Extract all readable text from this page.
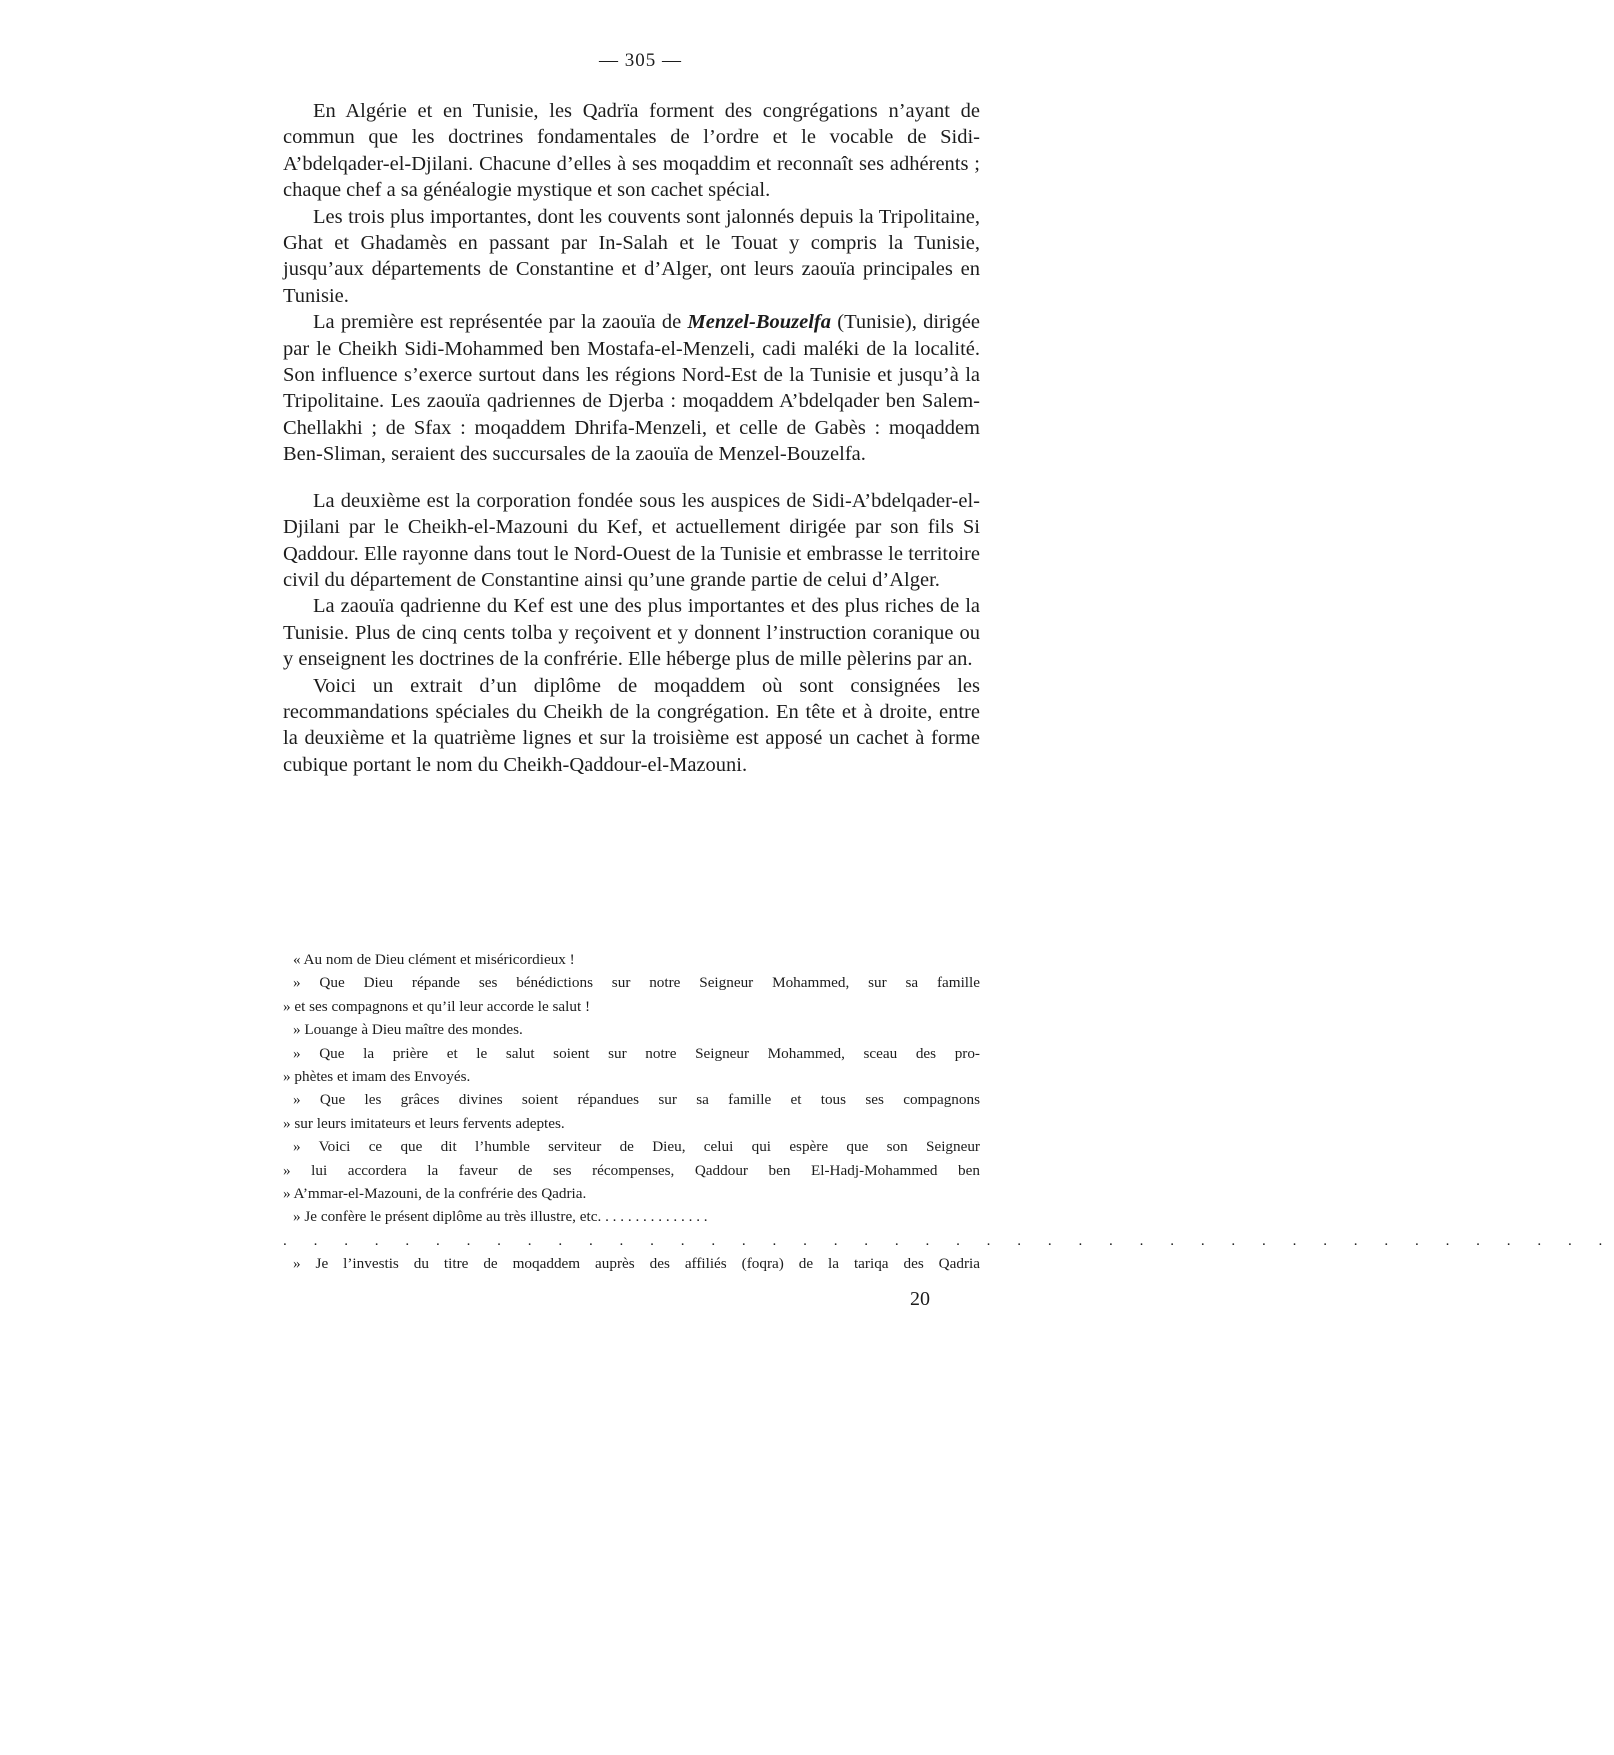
— 305 —

En Algérie et en Tunisie, les Qadrïa forment des congrégations n’ayant de commun que les doctrines fondamentales de l’ordre et le vocable de Sidi-A’bdelqader-el-Djilani. Chacune d’elles à ses moqaddim et reconnaît ses adhérents ; chaque chef a sa généalogie mystique et son cachet spécial.

Les trois plus importantes, dont les couvents sont jalonnés depuis la Tripolitaine, Ghat et Ghadamès en passant par In-Salah et le Touat y compris la Tunisie, jusqu’aux départements de Constantine et d’Alger, ont leurs zaouïa principales en Tunisie.

La première est représentée par la zaouïa de Menzel-Bouzelfa (Tunisie), dirigée par le Cheikh Sidi-Mohammed ben Mostafa-el-Menzeli, cadi maléki de la localité. Son influence s’exerce surtout dans les régions Nord-Est de la Tunisie et jusqu’à la Tripolitaine. Les zaouïa qadriennes de Djerba : moqaddem A’bdelqader ben Salem-Chellakhi ; de Sfax : moqaddem Dhrifa-Menzeli, et celle de Gabès : moqaddem Ben-Sliman, seraient des succursales de la zaouïa de Menzel-Bouzelfa.

La deuxième est la corporation fondée sous les auspices de Sidi-A’bdelqader-el-Djilani par le Cheikh-el-Mazouni du Kef, et actuellement dirigée par son fils Si Qaddour. Elle rayonne dans tout le Nord-Ouest de la Tunisie et embrasse le territoire civil du département de Constantine ainsi qu’une grande partie de celui d’Alger.

La zaouïa qadrienne du Kef est une des plus importantes et des plus riches de la Tunisie. Plus de cinq cents tolba y reçoivent et y donnent l’instruction coranique ou y enseignent les doctrines de la confrérie. Elle héberge plus de mille pèlerins par an.

Voici un extrait d’un diplôme de moqaddem où sont consignées les recommandations spéciales du Cheikh de la congrégation. En tête et à droite, entre la deuxième et la quatrième lignes et sur la troisième est apposé un cachet à forme cubique portant le nom du Cheikh-Qaddour-el-Mazouni.

« Au nom de Dieu clément et miséricordieux !
» Que Dieu répande ses bénédictions sur notre Seigneur Mohammed, sur sa famille
» et ses compagnons et qu’il leur accorde le salut !
» Louange à Dieu maître des mondes.
» Que la prière et le salut soient sur notre Seigneur Mohammed, sceau des pro-
» phètes et imam des Envoyés.
» Que les grâces divines soient répandues sur sa famille et tous ses compagnons
» sur leurs imitateurs et leurs fervents adeptes.
» Voici ce que dit l’humble serviteur de Dieu, celui qui espère que son Seigneur
» lui accordera la faveur de ses récompenses, Qaddour ben El-Hadj-Mohammed ben
» A’mmar-el-Mazouni, de la confrérie des Qadria.
» Je confère le présent diplôme au très illustre, etc. . . . . . . . . . . . . . .
. . . . . . . . . . . . . . . . . . . . . . . . . . . . . . . . . . . . . . . . . . . .
» Je l’investis du titre de moqaddem auprès des affiliés (foqra) de la tariqa des Qadria
20
